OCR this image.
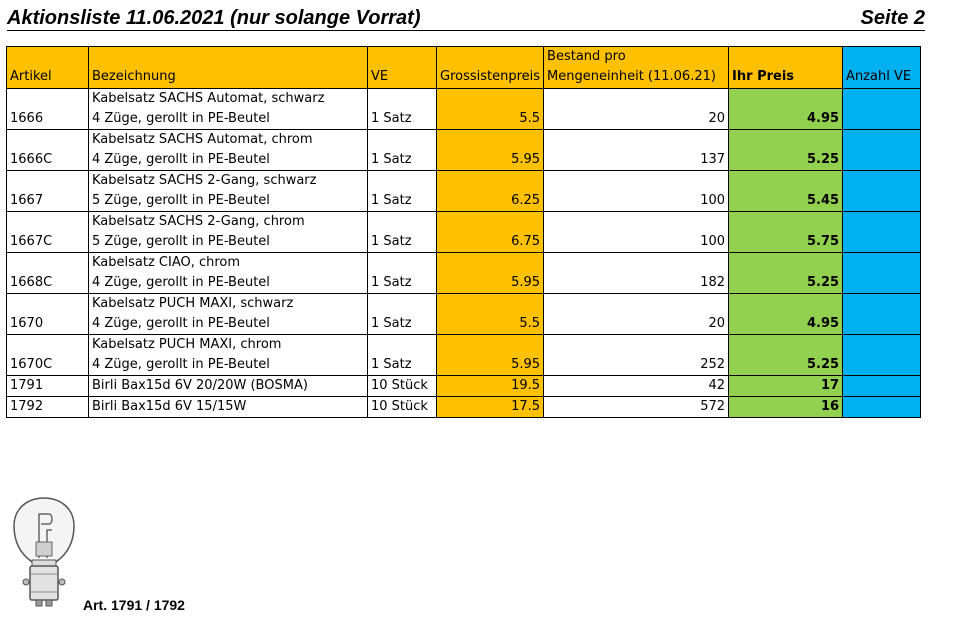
Aktionsliste 11.06.2021 (nur solange Vorrat)	Seite 2
Artikel	Bezeichnung	VE	Grossistenpreis	Bestand pro
Mengeneinheit (11.06.21)	Ihr Preis	Anzahl VE
1666	Kabelsatz SACHS Automat, schwarz
4 Züge, gerollt in PE-Beutel	1 Satz	5.5	20	4.95	
1666C	Kabelsatz SACHS Automat, chrom
4 Züge, gerollt in PE-Beutel	1 Satz	5.95	137	5.25	
1667	Kabelsatz SACHS 2-Gang, schwarz
5 Züge, gerollt in PE-Beutel	1 Satz	6.25	100	5.45	
1667C	Kabelsatz SACHS 2-Gang, chrom
5 Züge, gerollt in PE-Beutel	1 Satz	6.75	100	5.75	
1668C	Kabelsatz CIAO, chrom
4 Züge, gerollt in PE-Beutel	1 Satz	5.95	182	5.25	
1670	Kabelsatz PUCH MAXI, schwarz
4 Züge, gerollt in PE-Beutel	1 Satz	5.5	20	4.95	
1670C	Kabelsatz PUCH MAXI, chrom
4 Züge, gerollt in PE-Beutel	1 Satz	5.95	252	5.25	
1791	Birli Bax15d 6V 20/20W (BOSMA)	10 Stück	19.5	42	17	
1792	Birli Bax15d 6V 15/15W	10 Stück	17.5	572	16	
Art. 1791 / 1792
